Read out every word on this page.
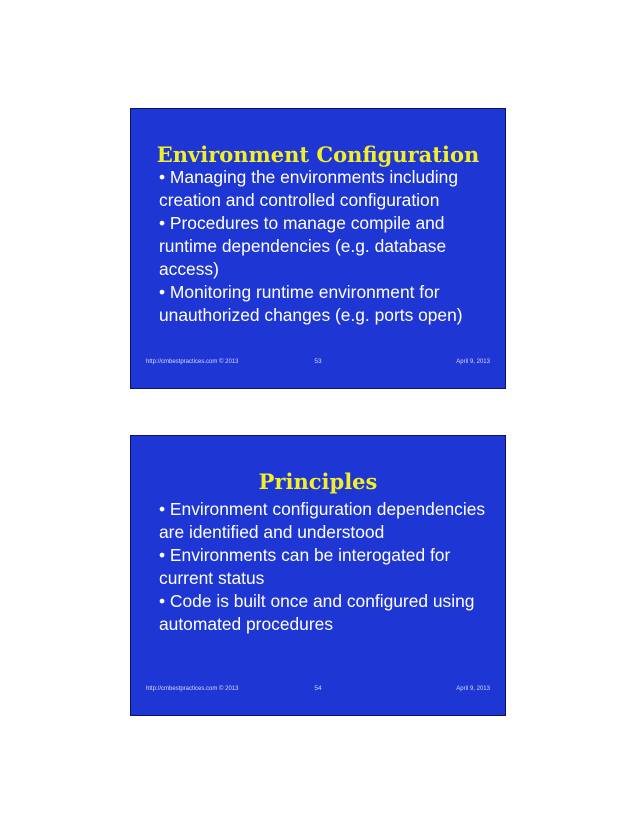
Environment Configuration
• Managing the environments including creation and controlled configuration
• Procedures to manage compile and runtime dependencies (e.g. database access)
• Monitoring runtime environment for unauthorized changes (e.g. ports open)
http://cmbestpractices.com © 2013	53	April 9, 2013
Principles
• Environment configuration dependencies are identified and understood
• Environments can be interogated for current status
• Code is built once and configured using automated procedures
http://cmbestpractices.com © 2013	54	April 9, 2013
